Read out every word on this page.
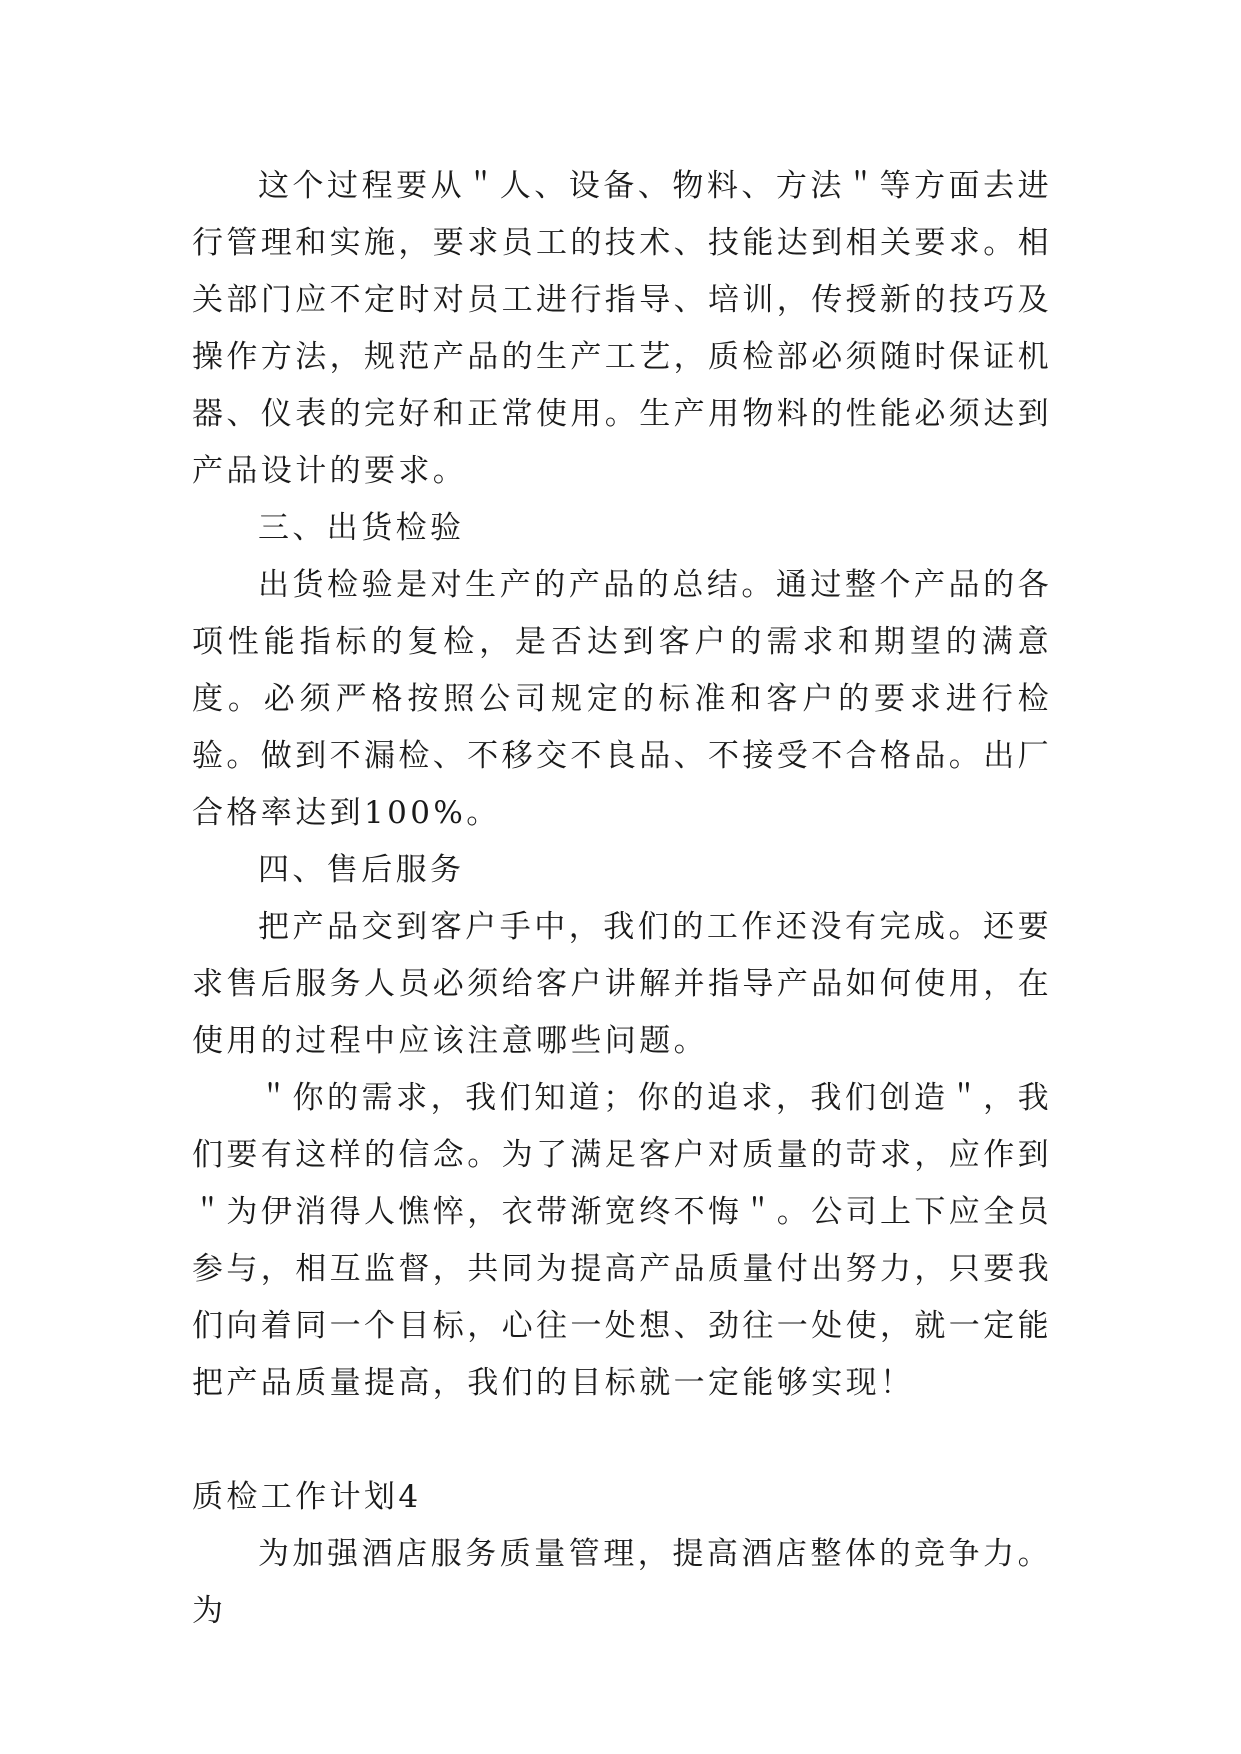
这个过程要从＂人、设备、物料、方法＂等方面去进行管理和实施，要求员工的技术、技能达到相关要求。相关部门应不定时对员工进行指导、培训，传授新的技巧及操作方法，规范产品的生产工艺，质检部必须随时保证机器、仪表的完好和正常使用。生产用物料的性能必须达到产品设计的要求。

三、出货检验

出货检验是对生产的产品的总结。通过整个产品的各项性能指标的复检，是否达到客户的需求和期望的满意度。必须严格按照公司规定的标准和客户的要求进行检验。做到不漏检、不移交不良品、不接受不合格品。出厂合格率达到100%。

四、售后服务

把产品交到客户手中，我们的工作还没有完成。还要求售后服务人员必须给客户讲解并指导产品如何使用，在使用的过程中应该注意哪些问题。

＂你的需求，我们知道；你的追求，我们创造＂，我们要有这样的信念。为了满足客户对质量的苛求，应作到＂为伊消得人憔悴，衣带渐宽终不悔＂。公司上下应全员参与，相互监督，共同为提高产品质量付出努力，只要我们向着同一个目标，心往一处想、劲往一处使，就一定能把产品质量提高，我们的目标就一定能够实现！

质检工作计划4

为加强酒店服务质量管理，提高酒店整体的竞争力。为
